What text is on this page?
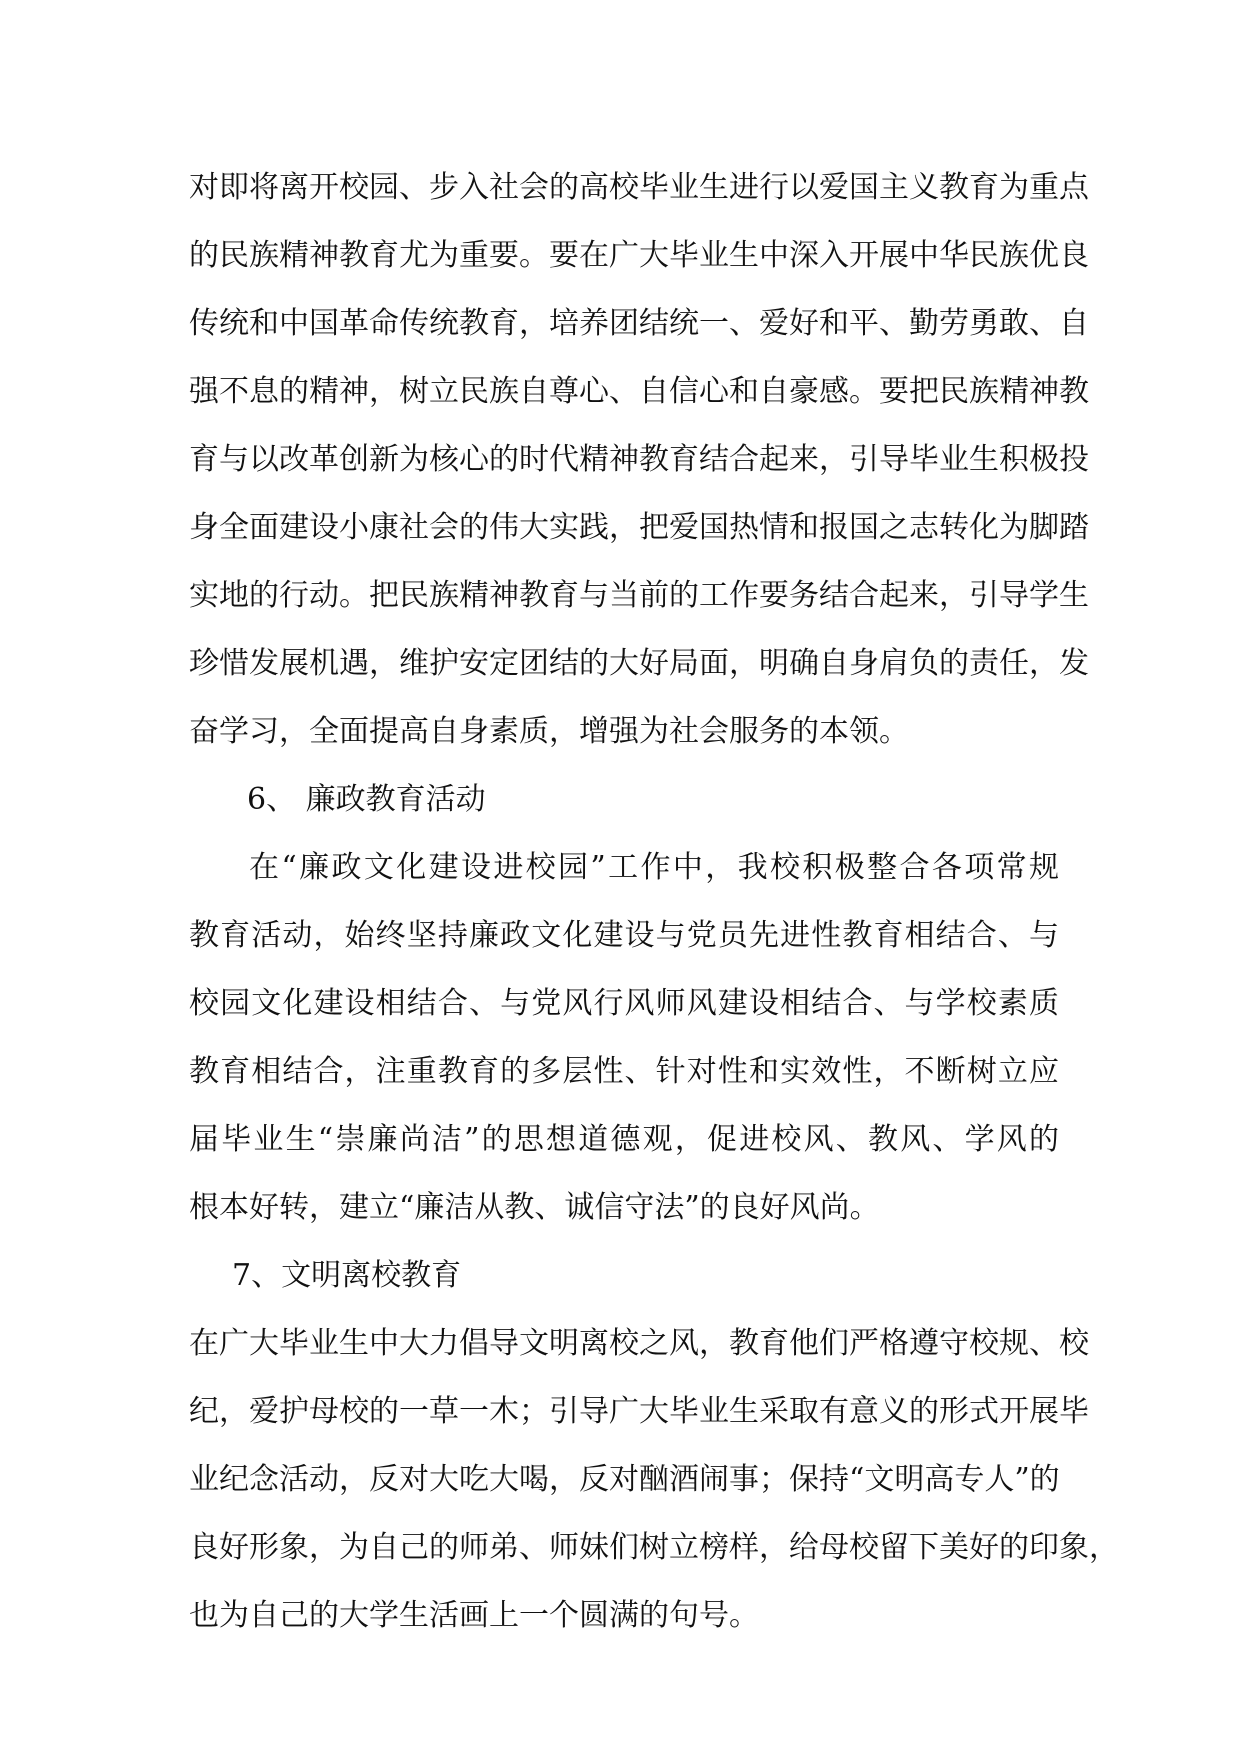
对即将离开校园、步入社会的高校毕业生进行以爱国主义教育为重点
的民族精神教育尤为重要。要在广大毕业生中深入开展中华民族优良
传统和中国革命传统教育，培养团结统一、爱好和平、勤劳勇敢、自
强不息的精神，树立民族自尊心、自信心和自豪感。要把民族精神教
育与以改革创新为核心的时代精神教育结合起来，引导毕业生积极投
身全面建设小康社会的伟大实践，把爱国热情和报国之志转化为脚踏
实地的行动。把民族精神教育与当前的工作要务结合起来，引导学生
珍惜发展机遇，维护安定团结的大好局面，明确自身肩负的责任，发
奋学习，全面提高自身素质，增强为社会服务的本领。
6、 廉政教育活动
在“廉政文化建设进校园”工作中，我校积极整合各项常规
教育活动，始终坚持廉政文化建设与党员先进性教育相结合、与
校园文化建设相结合、与党风行风师风建设相结合、与学校素质
教育相结合，注重教育的多层性、针对性和实效性，不断树立应
届毕业生“崇廉尚洁”的思想道德观，促进校风、教风、学风的
根本好转，建立“廉洁从教、诚信守法”的良好风尚。
7、文明离校教育
在广大毕业生中大力倡导文明离校之风，教育他们严格遵守校规、校
纪，爱护母校的一草一木；引导广大毕业生采取有意义的形式开展毕
业纪念活动，反对大吃大喝，反对酗酒闹事；保持“文明高专人”的
良好形象，为自己的师弟、师妹们树立榜样，给母校留下美好的印象，
也为自己的大学生活画上一个圆满的句号。
